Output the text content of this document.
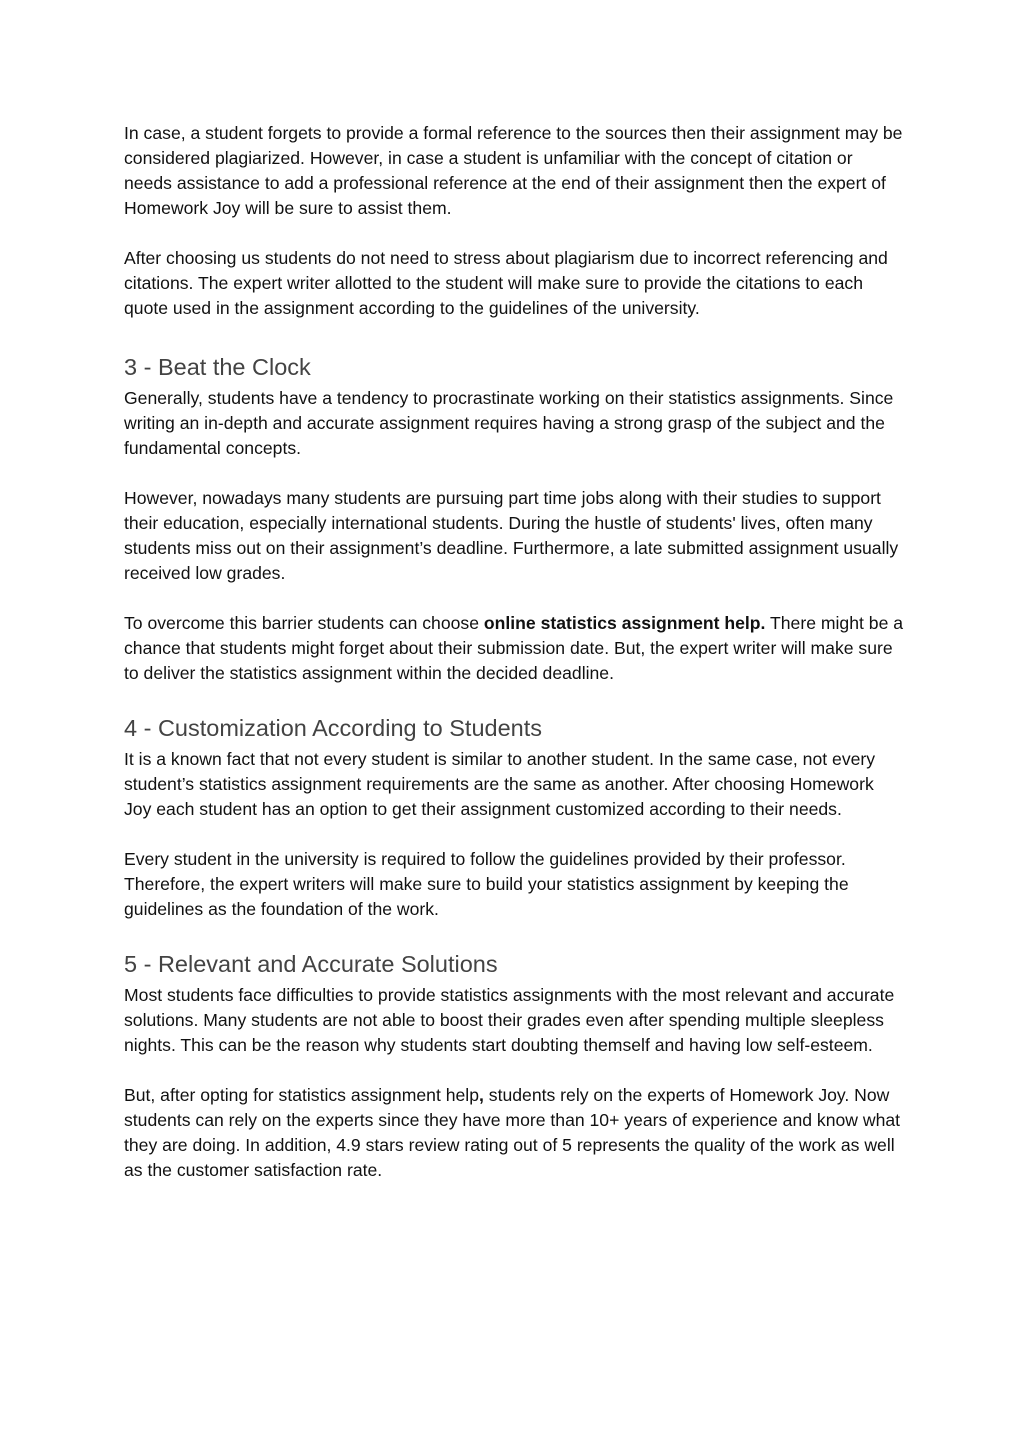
In case, a student forgets to provide a formal reference to the sources then their assignment may be considered plagiarized. However, in case a student is unfamiliar with the concept of citation or needs assistance to add a professional reference at the end of their assignment then the expert of Homework Joy will be sure to assist them.

After choosing us students do not need to stress about plagiarism due to incorrect referencing and citations. The expert writer allotted to the student will make sure to provide the citations to each quote used in the assignment according to the guidelines of the university.

3 - Beat the Clock

Generally, students have a tendency to procrastinate working on their statistics assignments. Since writing an in-depth and accurate assignment requires having a strong grasp of the subject and the fundamental concepts.

However, nowadays many students are pursuing part time jobs along with their studies to support their education, especially international students. During the hustle of students' lives, often many students miss out on their assignment’s deadline. Furthermore, a late submitted assignment usually received low grades.

To overcome this barrier students can choose online statistics assignment help. There might be a chance that students might forget about their submission date. But, the expert writer will make sure to deliver the statistics assignment within the decided deadline.

4 - Customization According to Students

It is a known fact that not every student is similar to another student. In the same case, not every student’s statistics assignment requirements are the same as another. After choosing Homework Joy each student has an option to get their assignment customized according to their needs.

Every student in the university is required to follow the guidelines provided by their professor. Therefore, the expert writers will make sure to build your statistics assignment by keeping the guidelines as the foundation of the work.

5 - Relevant and Accurate Solutions

Most students face difficulties to provide statistics assignments with the most relevant and accurate solutions. Many students are not able to boost their grades even after spending multiple sleepless nights. This can be the reason why students start doubting themself and having low self-esteem.

But, after opting for statistics assignment help, students rely on the experts of Homework Joy. Now students can rely on the experts since they have more than 10+ years of experience and know what they are doing. In addition, 4.9 stars review rating out of 5 represents the quality of the work as well as the customer satisfaction rate.
